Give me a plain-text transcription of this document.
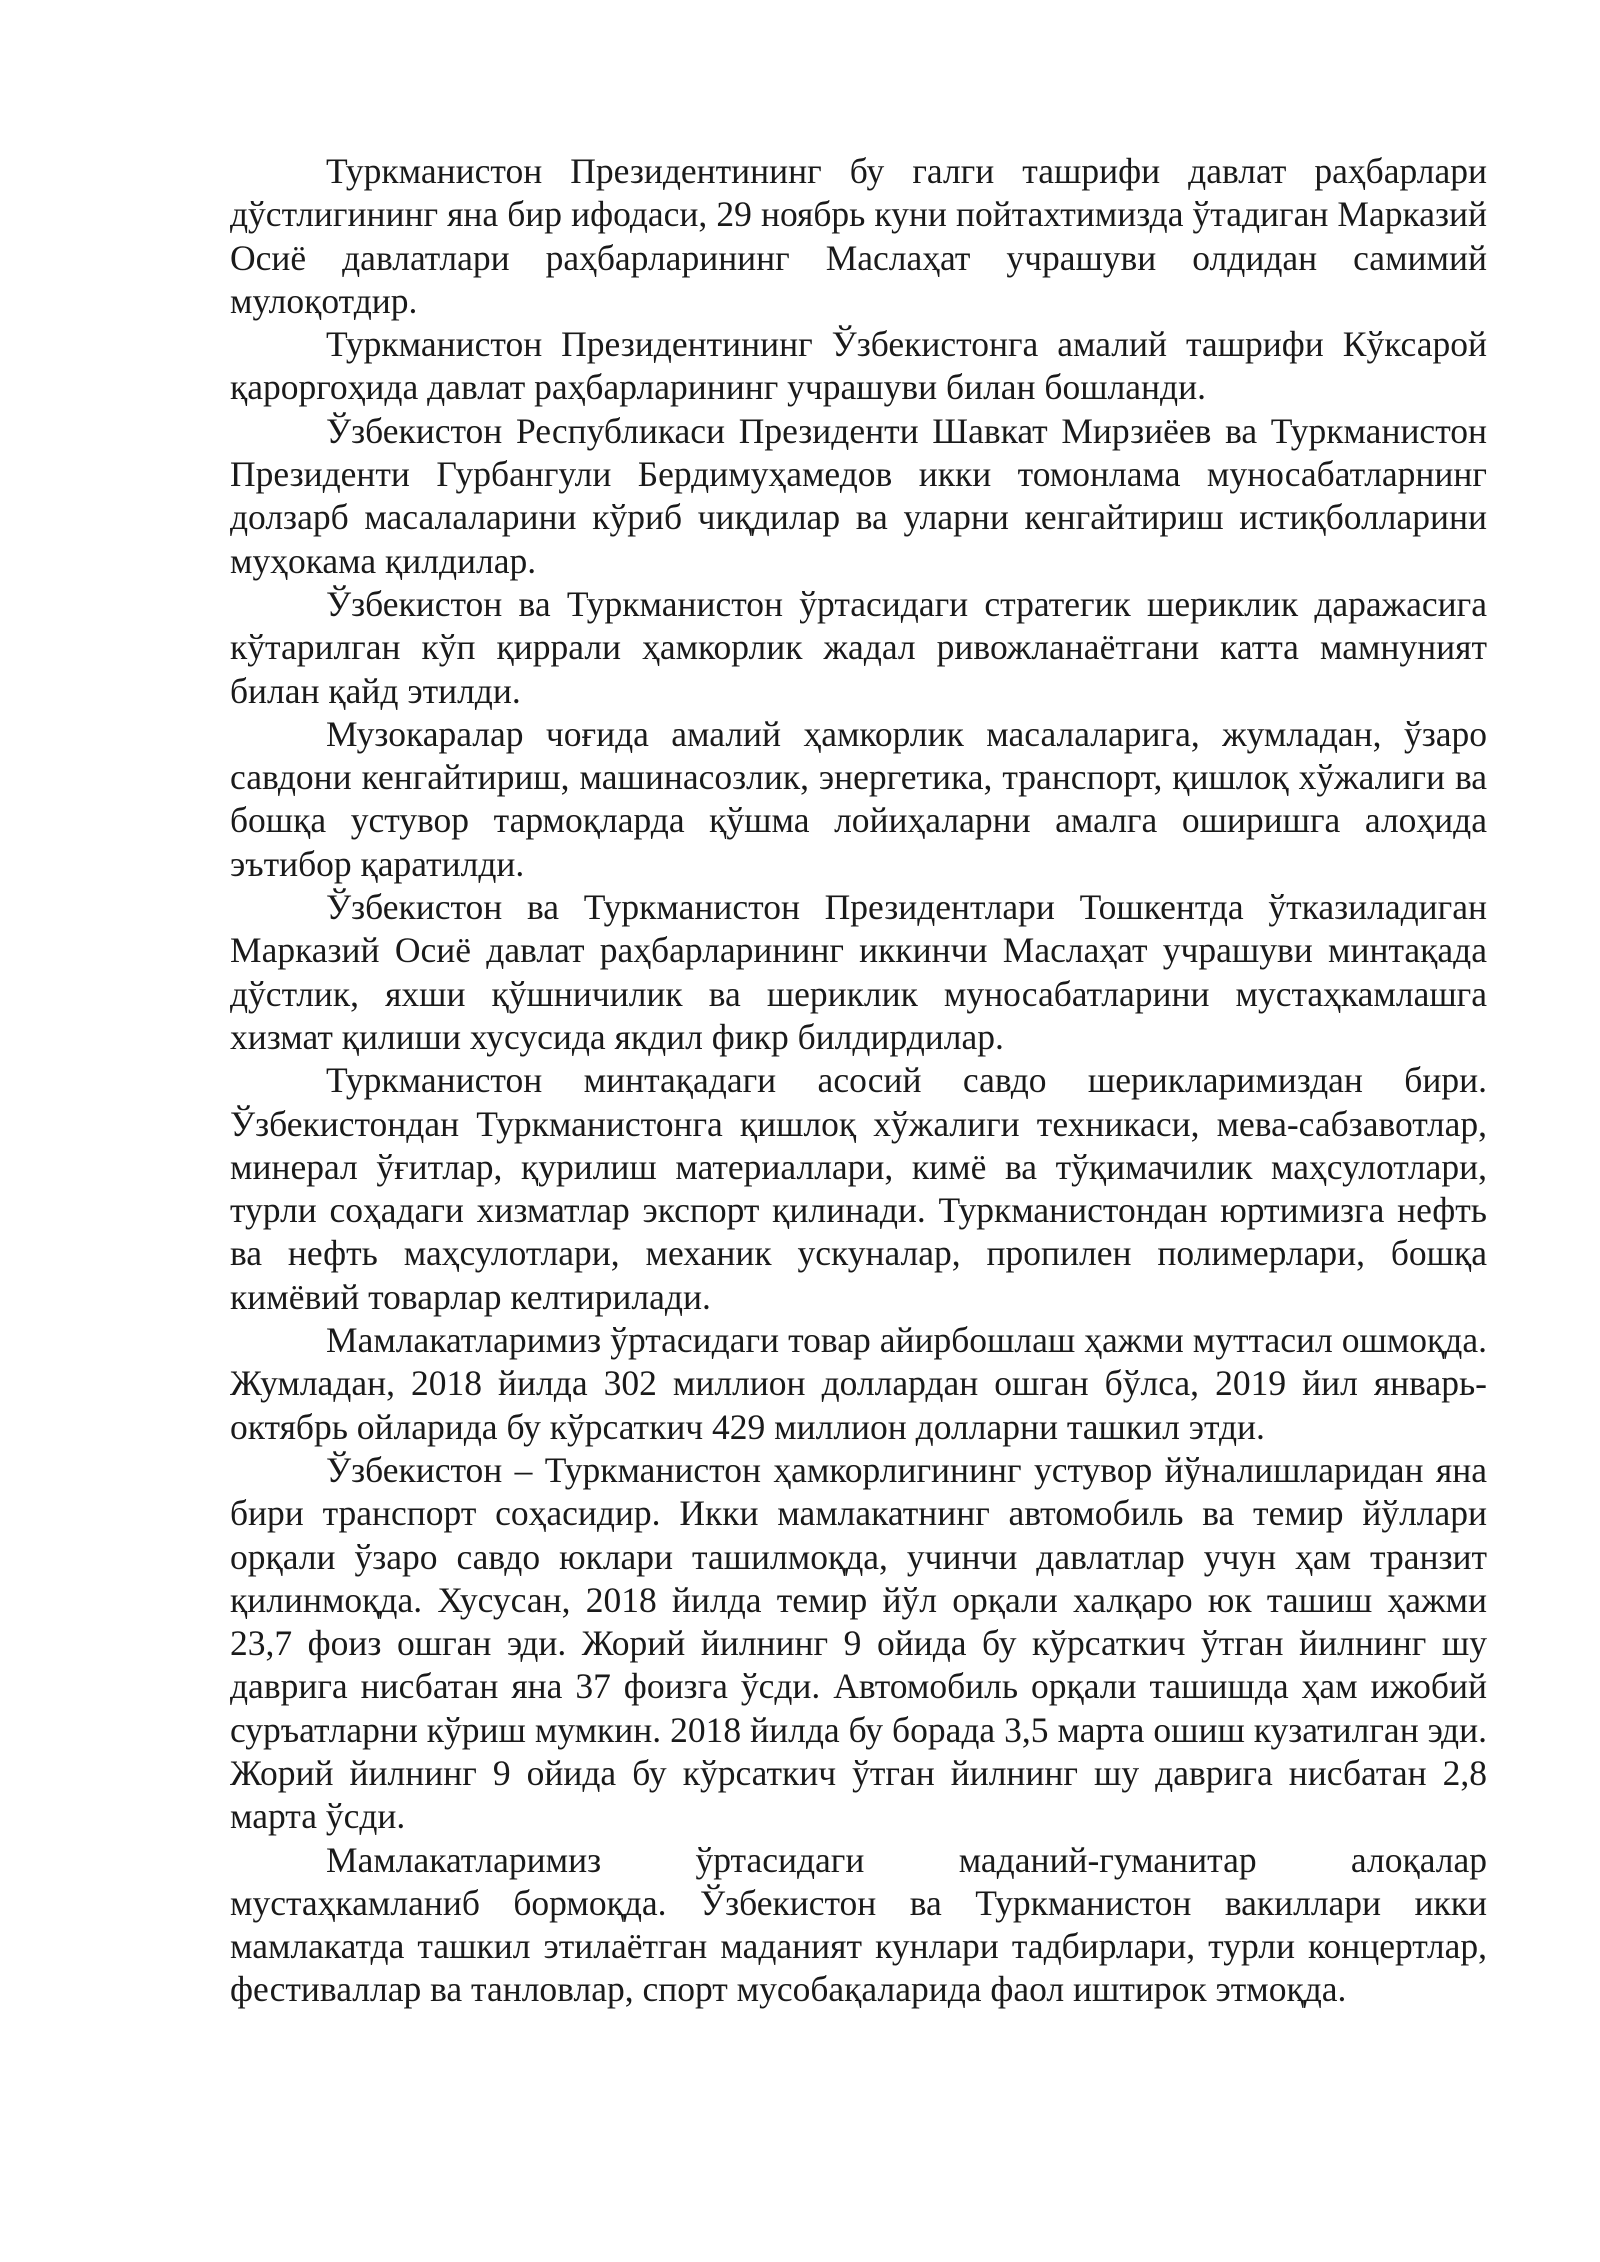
Туркманистон Президентининг бу галги ташрифи давлат раҳбарлари дўстлигининг яна бир ифодаси, 29 ноябрь куни пойтахтимизда ўтадиган Марказий Осиё давлатлари раҳбарларининг Маслаҳат учрашуви олдидан самимий мулоқотдир.

Туркманистон Президентининг Ўзбекистонга амалий ташрифи Кўксарой қароргоҳида давлат раҳбарларининг учрашуви билан бошланди.

Ўзбекистон Республикаси Президенти Шавкат Мирзиёев ва Туркманистон Президенти Гурбангули Бердимуҳамедов икки томонлама муносабатларнинг долзарб масалаларини кўриб чиқдилар ва уларни кенгайтириш истиқболларини муҳокама қилдилар.

Ўзбекистон ва Туркманистон ўртасидаги стратегик шериклик даражасига кўтарилган кўп қиррали ҳамкорлик жадал ривожланаётгани катта мамнуният билан қайд этилди.

Музокаралар чоғида амалий ҳамкорлик масалаларига, жумладан, ўзаро савдони кенгайтириш, машинасозлик, энергетика, транспорт, қишлоқ хўжалиги ва бошқа устувор тармоқларда қўшма лойиҳаларни амалга оширишга алоҳида эътибор қаратилди.

Ўзбекистон ва Туркманистон Президентлари Тошкентда ўтказиладиган Марказий Осиё давлат раҳбарларининг иккинчи Маслаҳат учрашуви минтақада дўстлик, яхши қўшничилик ва шериклик муносабатларини мустаҳкамлашга хизмат қилиши хусусида якдил фикр билдирдилар.

Туркманистон минтақадаги асосий савдо шерикларимиздан бири. Ўзбекистондан Туркманистонга қишлоқ хўжалиги техникаси, мева-сабзавотлар, минерал ўғитлар, қурилиш материаллари, кимё ва тўқимачилик маҳсулотлари, турли соҳадаги хизматлар экспорт қилинади. Туркманистондан юртимизга нефть ва нефть маҳсулотлари, механик ускуналар, пропилен полимерлари, бошқа кимёвий товарлар келтирилади.

Мамлакатларимиз ўртасидаги товар айирбошлаш ҳажми муттасил ошмоқда. Жумладан, 2018 йилда 302 миллион доллардан ошган бўлса, 2019 йил январь-октябрь ойларида бу кўрсаткич 429 миллион долларни ташкил этди.

Ўзбекистон – Туркманистон ҳамкорлигининг устувор йўналишларидан яна бири транспорт соҳасидир. Икки мамлакатнинг автомобиль ва темир йўллари орқали ўзаро савдо юклари ташилмоқда, учинчи давлатлар учун ҳам транзит қилинмоқда. Хусусан, 2018 йилда темир йўл орқали халқаро юк ташиш ҳажми 23,7 фоиз ошган эди. Жорий йилнинг 9 ойида бу кўрсаткич ўтган йилнинг шу даврига нисбатан яна 37 фоизга ўсди. Автомобиль орқали ташишда ҳам ижобий суръатларни кўриш мумкин. 2018 йилда бу борада 3,5 марта ошиш кузатилган эди. Жорий йилнинг 9 ойида бу кўрсаткич ўтган йилнинг шу даврига нисбатан 2,8 марта ўсди.

Мамлакатларимиз ўртасидаги маданий-гуманитар алоқалар мустаҳкамланиб бормоқда. Ўзбекистон ва Туркманистон вакиллари икки мамлакатда ташкил этилаётган маданият кунлари тадбирлари, турли концертлар, фестиваллар ва танловлар, спорт мусобақаларида фаол иштирок этмоқда.
